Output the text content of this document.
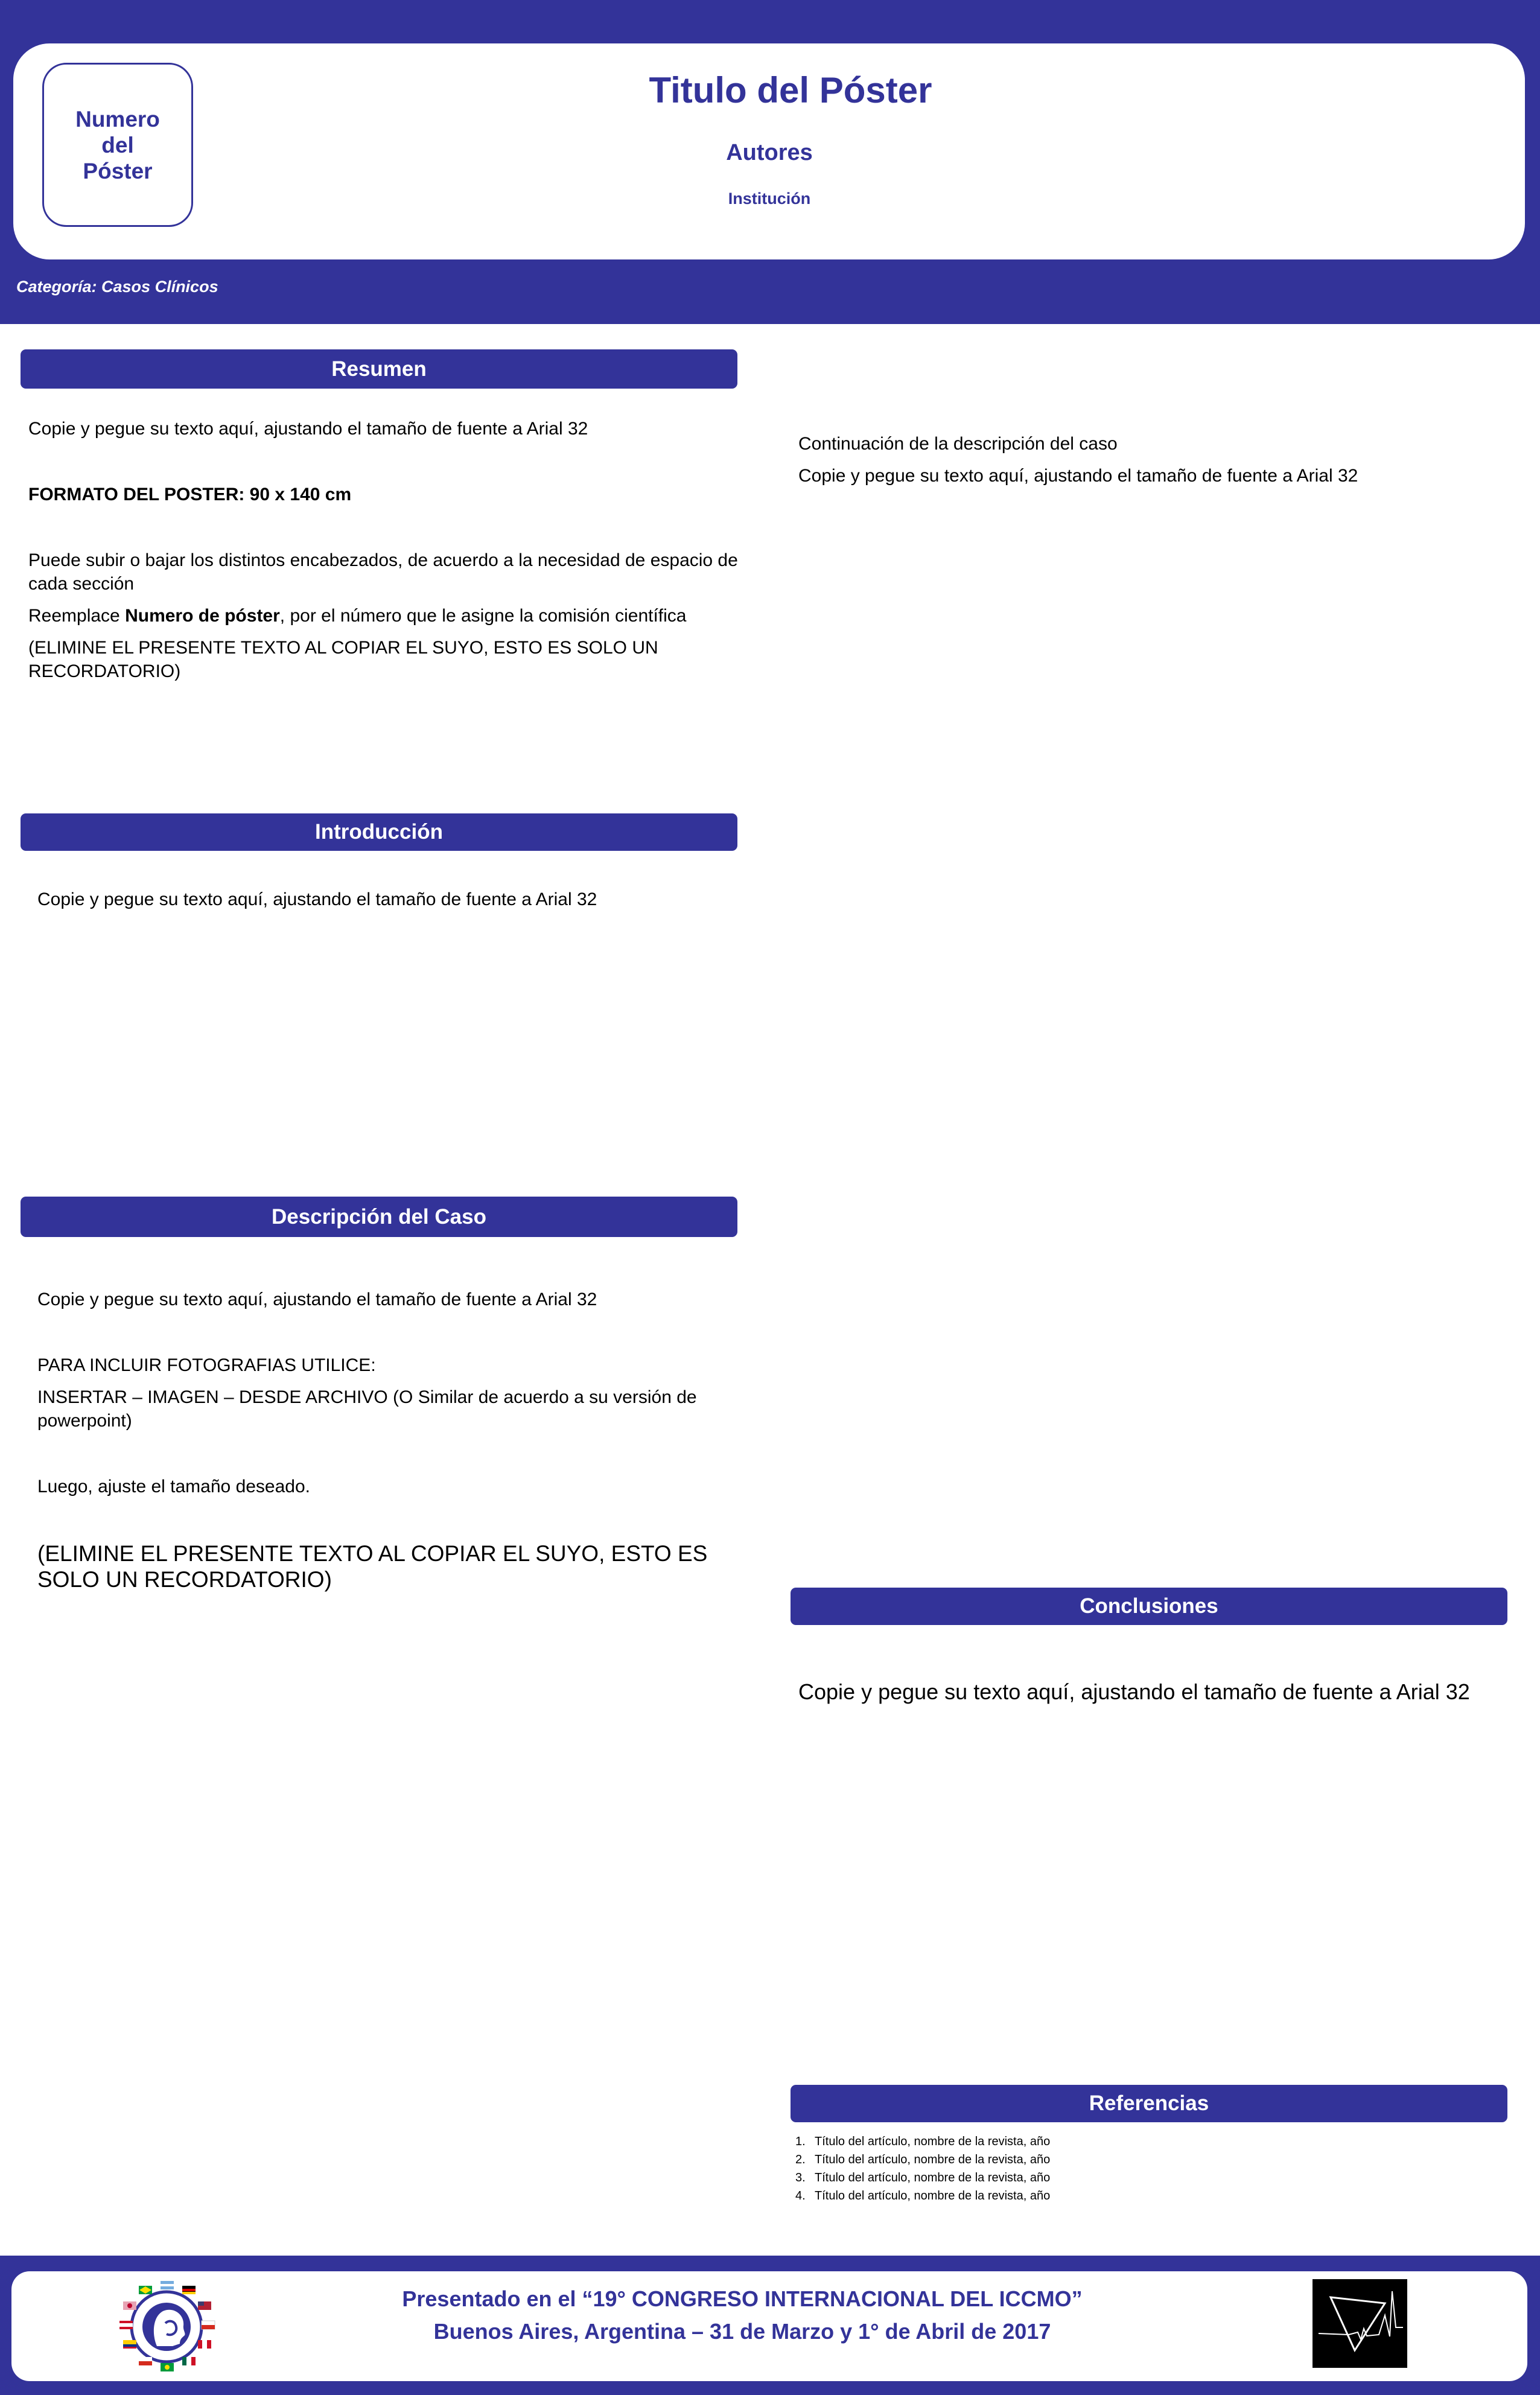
Numero
del
Póster
Titulo del Póster
Autores
Institución
Categoría: Casos Clínicos
Resumen

Copie y pegue su texto aquí, ajustando el tamaño de fuente a Arial 32

FORMATO DEL POSTER: 90 x 140 cm

Puede subir o bajar los distintos encabezados, de acuerdo a la necesidad de espacio de cada sección

Reemplace Numero de póster, por el número que le asigne la comisión científica

(ELIMINE EL PRESENTE TEXTO AL COPIAR EL SUYO, ESTO ES SOLO UN RECORDATORIO)

Introducción

Copie y pegue su texto aquí, ajustando el tamaño de fuente a Arial 32

Descripción del Caso

Copie y pegue su texto aquí, ajustando el tamaño de fuente a Arial 32

PARA INCLUIR FOTOGRAFIAS UTILICE:

INSERTAR – IMAGEN – DESDE ARCHIVO (O Similar de acuerdo a su versión de powerpoint)

Luego, ajuste el tamaño deseado.

(ELIMINE EL PRESENTE TEXTO AL COPIAR EL SUYO, ESTO ES SOLO UN RECORDATORIO)

Continuación de la descripción del caso

Copie y pegue su texto aquí, ajustando el tamaño de fuente a Arial 32

Conclusiones

Copie y pegue su texto aquí, ajustando el tamaño de fuente a Arial 32

Referencias
1. Título del artículo, nombre de la revista, año
2. Título del artículo, nombre de la revista, año
3. Título del artículo, nombre de la revista, año
4. Título del artículo, nombre de la revista, año
Presentado en el “19° CONGRESO INTERNACIONAL DEL ICCMO”
Buenos Aires, Argentina – 31 de Marzo y 1° de Abril de 2017
